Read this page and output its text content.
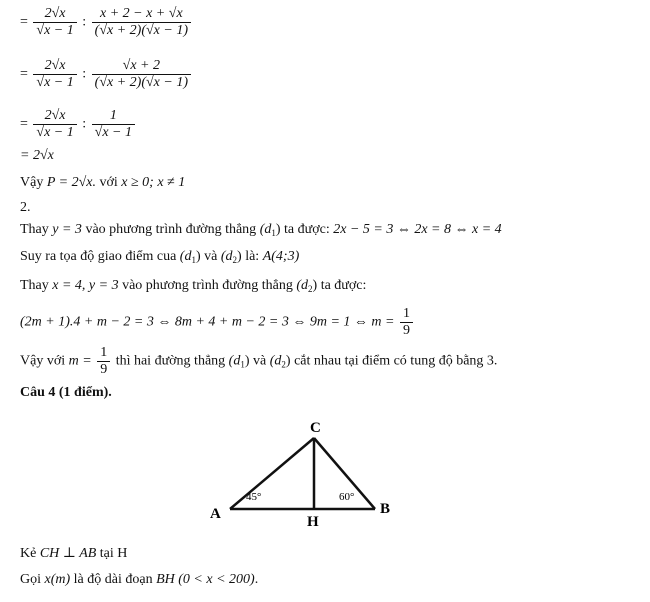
= $\frac{2√x}{√x - 1}$ : $\frac{x + 2 - x + √x}{(√x + 2)(√x - 1)}$
= $\frac{2√x}{√x - 1}$ : $\frac{√x + 2}{(√x + 2)(√x - 1)}$
= $\frac{2√x}{√x - 1}$ : $\frac{1}{√x - 1}$
= 2√x
Vậy P = 2√x. với x ≥ 0; x ≠ 1
2.
Thay y = 3 vào phương trình đường thẳng $(d_1)$ ta được: 2x − 5 = 3 ⇔ 2x = 8 ⇔ x = 4
Suy ra tọa độ giao điểm cua $(d_1)$ và $(d_2)$ là: A(4;3)
Thay x = 4, y = 3 vào phương trình đường thẳng $(d_2)$ ta được:
(2m + 1).4 + m − 2 = 3 ⇔ 8m + 4 + m − 2 = 3 ⇔ 9m = 1 ⇔ $m = \frac{1}{9}$
Vậy với $m = \frac{1}{9}$ thì hai đường thẳng $(d_1)$ và $(d_2)$ cắt nhau tại điểm có tung độ bằng 3.
Câu 4 (1 điểm).
C
A	B
H
45°	60°
Kẻ CH ⊥ AB tại H
Gọi x(m) là độ dài đoạn BH (0 < x < 200).
